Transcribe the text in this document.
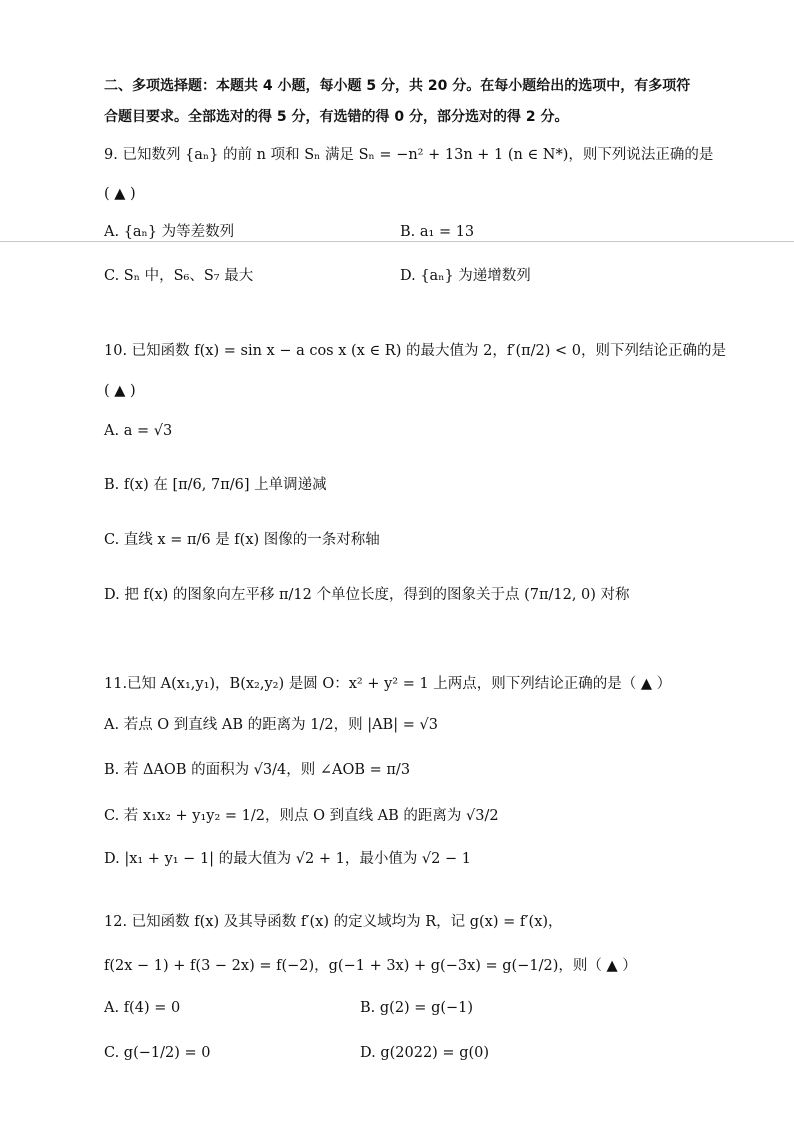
二、多项选择题：本题共 4 小题，每小题 5 分，共 20 分。在每小题给出的选项中，有多项符
合题目要求。全部选对的得 5 分，有选错的得 0 分，部分选对的得 2 分。
9. 已知数列 {aₙ} 的前 n 项和 Sₙ 满足 Sₙ = −n² + 13n + 1 (n ∈ N*)，则下列说法正确的是
( ▲ )
A. {aₙ} 为等差数列	B. a₁ = 13
C. Sₙ 中，S₆、S₇ 最大	D. {aₙ} 为递增数列
10. 已知函数 f(x) = sin x − a cos x (x ∈ R) 的最大值为 2，f′(π/2) < 0，则下列结论正确的是
( ▲ )
A. a = √3
B. f(x) 在 [π/6, 7π/6] 上单调递减
C. 直线 x = π/6 是 f(x) 图像的一条对称轴
D. 把 f(x) 的图象向左平移 π/12 个单位长度，得到的图象关于点 (7π/12, 0) 对称
11.已知 A(x₁,y₁)，B(x₂,y₂) 是圆 O：x² + y² = 1 上两点，则下列结论正确的是（ ▲ ）
A. 若点 O 到直线 AB 的距离为 1/2，则 |AB| = √3
B. 若 ΔAOB 的面积为 √3/4，则 ∠AOB = π/3
C. 若 x₁x₂ + y₁y₂ = 1/2，则点 O 到直线 AB 的距离为 √3/2
D. |x₁ + y₁ − 1| 的最大值为 √2 + 1，最小值为 √2 − 1
12. 已知函数 f(x) 及其导函数 f′(x) 的定义域均为 R，记 g(x) = f′(x)，
f(2x − 1) + f(3 − 2x) = f(−2)，g(−1 + 3x) + g(−3x) = g(−1/2)，则（ ▲ ）
A. f(4) = 0	B. g(2) = g(−1)
C. g(−1/2) = 0	D. g(2022) = g(0)
